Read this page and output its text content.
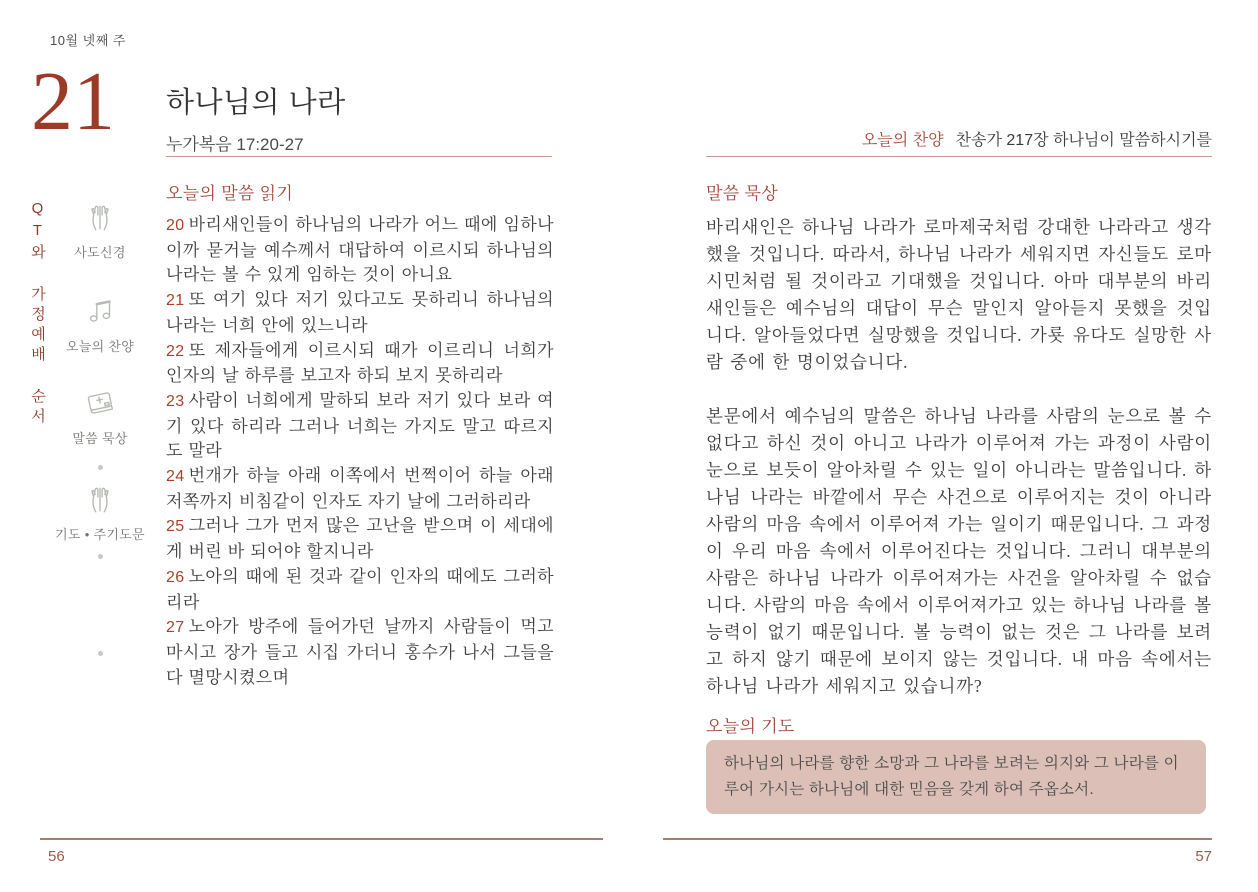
10월 넷째 주
21 하나님의 나라
누가복음 17:20-27	오늘의 찬양 찬송가 217장 하나님이 말씀하시기를
QT와 가정예배 순서	사도신경
오늘의 찬양
말씀 묵상
기도 • 주기도문
오늘의 말씀 읽기
20 바리새인들이 하나님의 나라가 어느 때에 임하나이까 묻거늘 예수께서 대답하여 이르시되 하나님의 나라는 볼 수 있게 임하는 것이 아니요
21 또 여기 있다 저기 있다고도 못하리니 하나님의 나라는 너희 안에 있느니라
22 또 제자들에게 이르시되 때가 이르리니 너희가 인자의 날 하루를 보고자 하되 보지 못하리라
23 사람이 너희에게 말하되 보라 저기 있다 보라 여기 있다 하리라 그러나 너희는 가지도 말고 따르지도 말라
24 번개가 하늘 아래 이쪽에서 번쩍이어 하늘 아래 저쪽까지 비침같이 인자도 자기 날에 그러하리라
25 그러나 그가 먼저 많은 고난을 받으며 이 세대에게 버린 바 되어야 할지니라
26 노아의 때에 된 것과 같이 인자의 때에도 그러하리라
27 노아가 방주에 들어가던 날까지 사람들이 먹고 마시고 장가 들고 시집 가더니 홍수가 나서 그들을 다 멸망시켰으며
말씀 묵상

바리새인은 하나님 나라가 로마제국처럼 강대한 나라라고 생각했을 것입니다. 따라서, 하나님 나라가 세워지면 자신들도 로마 시민처럼 될 것이라고 기대했을 것입니다. 아마 대부분의 바리새인들은 예수님의 대답이 무슨 말인지 알아듣지 못했을 것입니다. 알아들었다면 실망했을 것입니다. 가룟 유다도 실망한 사람 중에 한 명이었습니다.

본문에서 예수님의 말씀은 하나님 나라를 사람의 눈으로 볼 수 없다고 하신 것이 아니고 나라가 이루어져 가는 과정이 사람이 눈으로 보듯이 알아차릴 수 있는 일이 아니라는 말씀입니다. 하나님 나라는 바깥에서 무슨 사건으로 이루어지는 것이 아니라 사람의 마음 속에서 이루어져 가는 일이기 때문입니다. 그 과정이 우리 마음 속에서 이루어진다는 것입니다. 그러니 대부분의 사람은 하나님 나라가 이루어져가는 사건을 알아차릴 수 없습니다. 사람의 마음 속에서 이루어져가고 있는 하나님 나라를 볼 능력이 없기 때문입니다. 볼 능력이 없는 것은 그 나라를 보려고 하지 않기 때문에 보이지 않는 것입니다. 내 마음 속에서는 하나님 나라가 세워지고 있습니까?

오늘의 기도
하나님의 나라를 향한 소망과 그 나라를 보려는 의지와 그 나라를 이루어 가시는 하나님에 대한 믿음을 갖게 하여 주옵소서.
56	57
